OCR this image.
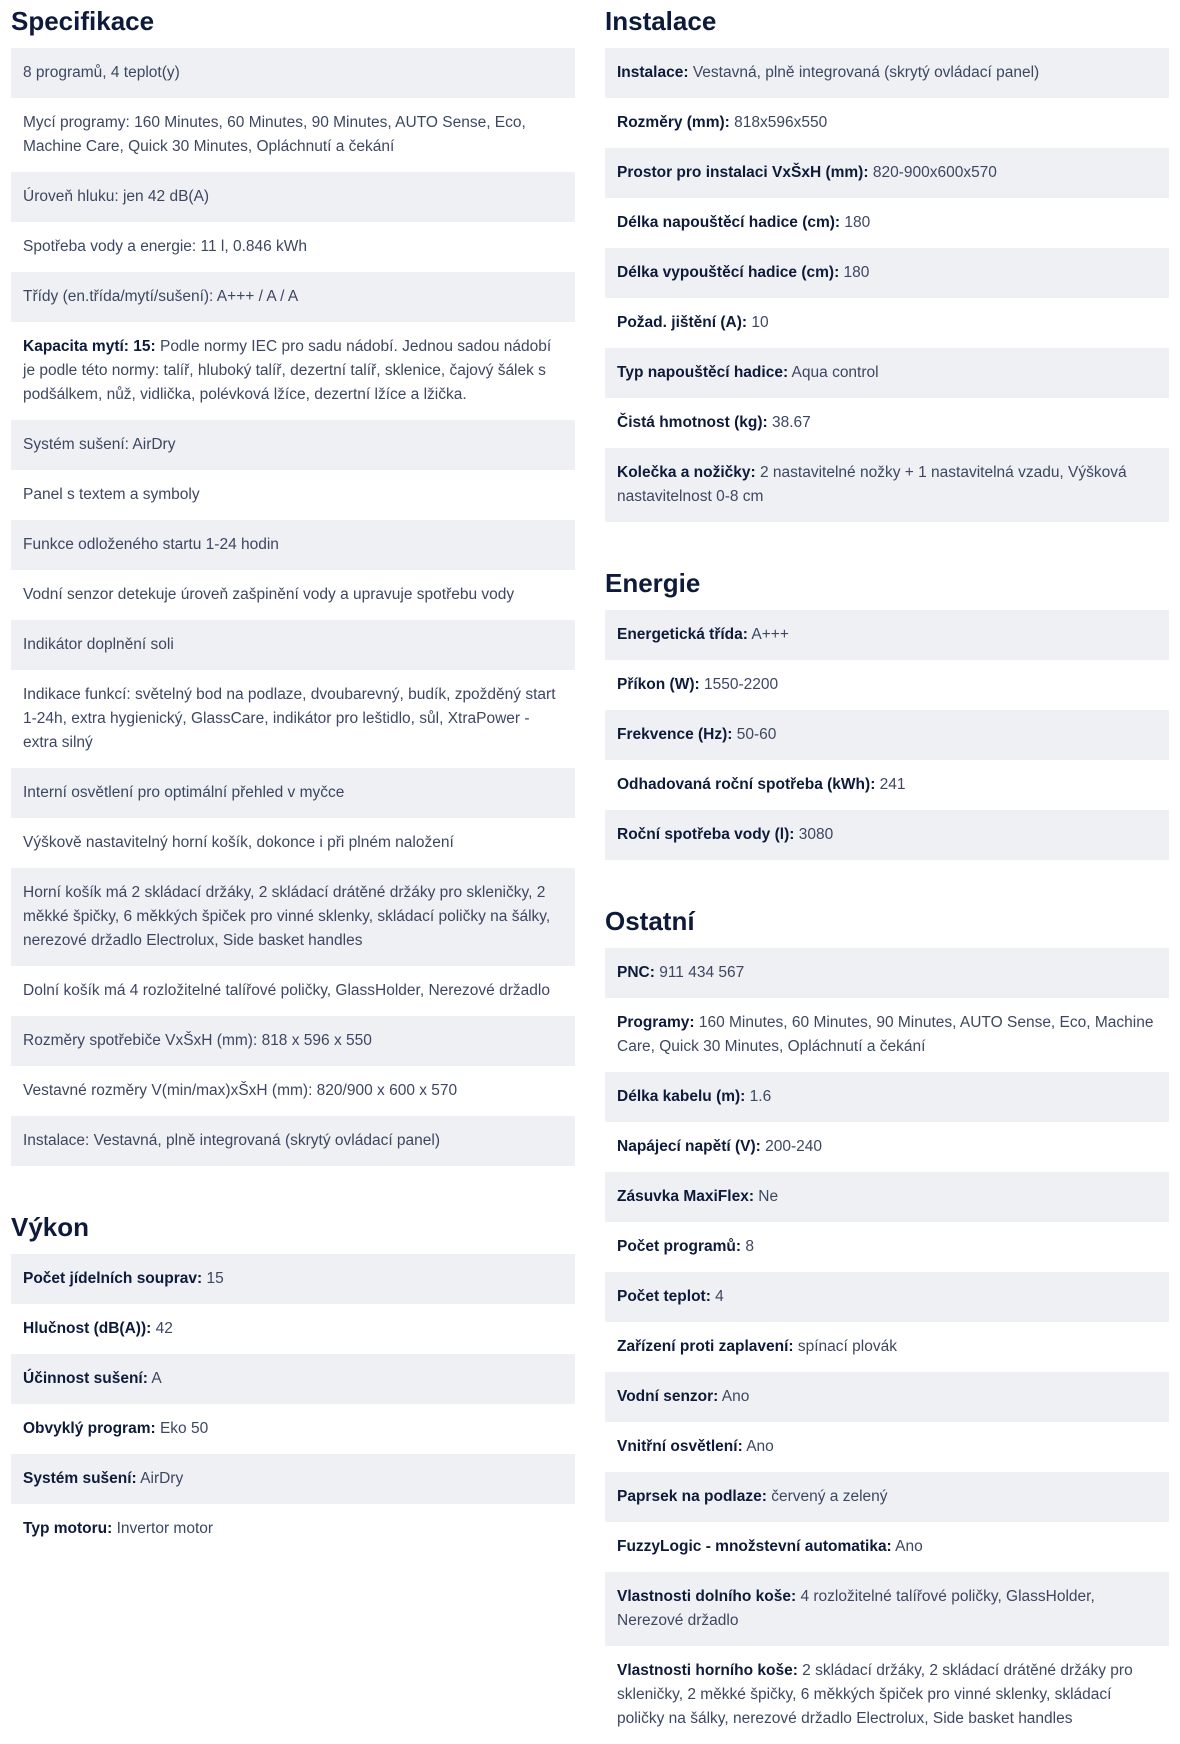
Specifikace
8 programů, 4 teplot(y)
Mycí programy: 160 Minutes, 60 Minutes, 90 Minutes, AUTO Sense, Eco, Machine Care, Quick 30 Minutes, Opláchnutí a čekání
Úroveň hluku: jen 42 dB(A)
Spotřeba vody a energie: 11 l, 0.846 kWh
Třídy (en.třída/mytí/sušení): A+++ / A / A
Kapacita mytí: 15: Podle normy IEC pro sadu nádobí. Jednou sadou nádobí je podle této normy: talíř, hluboký talíř, dezertní talíř, sklenice, čajový šálek s podšálkem, nůž, vidlička, polévková lžíce, dezertní lžíce a lžička.
Systém sušení: AirDry
Panel s textem a symboly
Funkce odloženého startu 1-24 hodin
Vodní senzor detekuje úroveň zašpinění vody a upravuje spotřebu vody
Indikátor doplnění soli
Indikace funkcí: světelný bod na podlaze, dvoubarevný, budík, zpožděný start 1-24h, extra hygienický, GlassCare, indikátor pro leštidlo, sůl, XtraPower - extra silný
Interní osvětlení pro optimální přehled v myčce
Výškově nastavitelný horní košík, dokonce i při plném naložení
Horní košík má 2 skládací držáky, 2 skládací drátěné držáky pro skleničky, 2 měkké špičky, 6 měkkých špiček pro vinné sklenky, skládací poličky na šálky, nerezové držadlo Electrolux, Side basket handles
Dolní košík má 4 rozložitelné talířové poličky, GlassHolder, Nerezové držadlo
Rozměry spotřebiče VxŠxH (mm): 818 x 596 x 550
Vestavné rozměry V(min/max)xŠxH (mm): 820/900 x 600 x 570
Instalace: Vestavná, plně integrovaná (skrytý ovládací panel)
Výkon
Počet jídelních souprav: 15
Hlučnost (dB(A)): 42
Účinnost sušení: A
Obvyklý program: Eko 50
Systém sušení: AirDry
Typ motoru: Invertor motor
Instalace
Instalace: Vestavná, plně integrovaná (skrytý ovládací panel)
Rozměry (mm): 818x596x550
Prostor pro instalaci VxŠxH (mm): 820-900x600x570
Délka napouštěcí hadice (cm): 180
Délka vypouštěcí hadice (cm): 180
Požad. jištění (A): 10
Typ napouštěcí hadice: Aqua control
Čistá hmotnost (kg): 38.67
Kolečka a nožičky: 2 nastavitelné nožky + 1 nastavitelná vzadu, Výšková nastavitelnost 0-8 cm
Energie
Energetická třída: A+++
Příkon (W): 1550-2200
Frekvence (Hz): 50-60
Odhadovaná roční spotřeba (kWh): 241
Roční spotřeba vody (l): 3080
Ostatní
PNC: 911 434 567
Programy: 160 Minutes, 60 Minutes, 90 Minutes, AUTO Sense, Eco, Machine Care, Quick 30 Minutes, Opláchnutí a čekání
Délka kabelu (m): 1.6
Napájecí napětí (V): 200-240
Zásuvka MaxiFlex: Ne
Počet programů: 8
Počet teplot: 4
Zařízení proti zaplavení: spínací plovák
Vodní senzor: Ano
Vnitřní osvětlení: Ano
Paprsek na podlaze: červený a zelený
FuzzyLogic - množstevní automatika: Ano
Vlastnosti dolního koše: 4 rozložitelné talířové poličky, GlassHolder, Nerezové držadlo
Vlastnosti horního koše: 2 skládací držáky, 2 skládací drátěné držáky pro skleničky, 2 měkké špičky, 6 měkkých špiček pro vinné sklenky, skládací poličky na šálky, nerezové držadlo Electrolux, Side basket handles
